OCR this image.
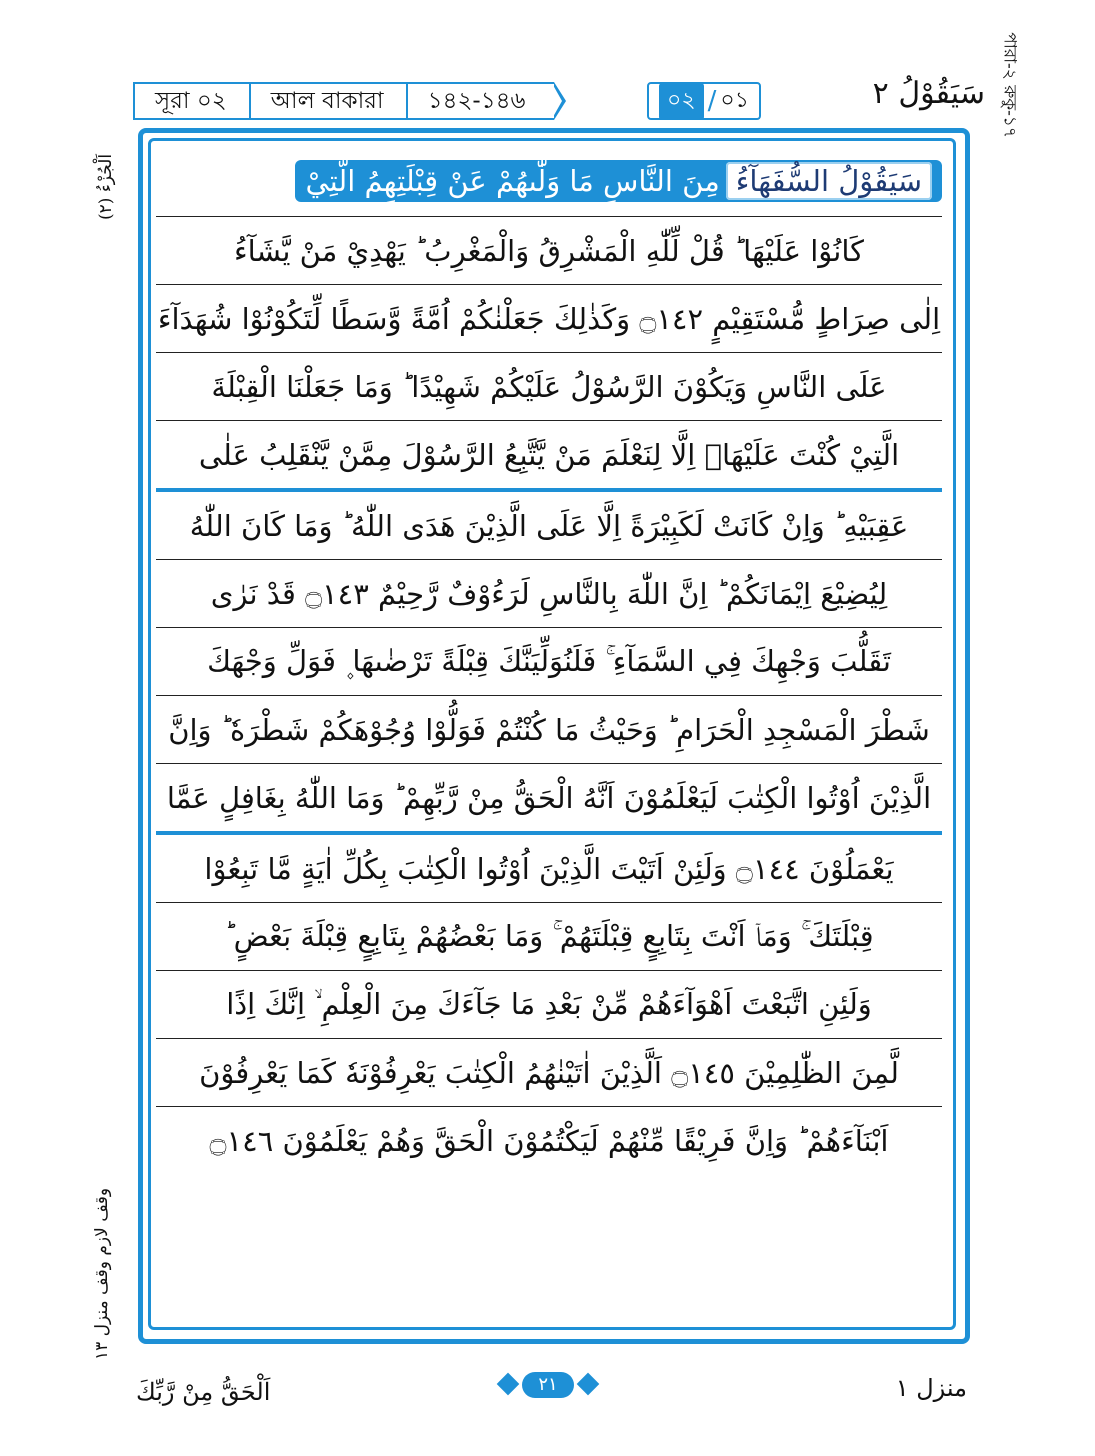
সূরা ০২ আল বাকারা ১৪২-১৪৬	০২ / ০১	سَيَقُوْلُ ٢
اَلْجُزْءُ (٢)
وقف لازم وقف منزل ١٣
পারা-২ রুকু-১৭
سَيَقُوْلُ السُّفَهَآءُمِنَ النَّاسِ مَا وَلّٰىهُمْ عَنْ قِبْلَتِهِمُ الَّتِيْ
كَانُوْا عَلَيْهَا ؕ قُلْ لِّلّٰهِ الْمَشْرِقُ وَالْمَغْرِبُ ؕ يَهْدِيْ مَنْ يَّشَآءُ
اِلٰى صِرَاطٍ مُّسْتَقِيْمٍ ۝١٤٢ وَكَذٰلِكَ جَعَلْنٰكُمْ اُمَّةً وَّسَطًا لِّتَكُوْنُوْا شُهَدَآءَ
عَلَى النَّاسِ وَيَكُوْنَ الرَّسُوْلُ عَلَيْكُمْ شَهِيْدًا ؕ وَمَا جَعَلْنَا الْقِبْلَةَ
الَّتِيْ كُنْتَ عَلَيْهَاۤ اِلَّا لِنَعْلَمَ مَنْ يَّتَّبِعُ الرَّسُوْلَ مِمَّنْ يَّنْقَلِبُ عَلٰى
عَقِبَيْهِ ؕ وَاِنْ كَانَتْ لَكَبِيْرَةً اِلَّا عَلَى الَّذِيْنَ هَدَى اللّٰهُ ؕ وَمَا كَانَ اللّٰهُ
لِيُضِيْعَ اِيْمَانَكُمْ ؕ اِنَّ اللّٰهَ بِالنَّاسِ لَرَءُوْفٌ رَّحِيْمٌ ۝١٤٣ قَدْ نَرٰى
تَقَلُّبَ وَجْهِكَ فِي السَّمَآءِ ۚ فَلَنُوَلِّيَنَّكَ قِبْلَةً تَرْضٰىهَا ۪ فَوَلِّ وَجْهَكَ
شَطْرَ الْمَسْجِدِ الْحَرَامِ ؕ وَحَيْثُ مَا كُنْتُمْ فَوَلُّوْا وُجُوْهَكُمْ شَطْرَهٗ ؕ وَاِنَّ
الَّذِيْنَ اُوْتُوا الْكِتٰبَ لَيَعْلَمُوْنَ اَنَّهُ الْحَقُّ مِنْ رَّبِّهِمْ ؕ وَمَا اللّٰهُ بِغَافِلٍ عَمَّا
يَعْمَلُوْنَ ۝١٤٤ وَلَئِنْ اَتَيْتَ الَّذِيْنَ اُوْتُوا الْكِتٰبَ بِكُلِّ اٰيَةٍ مَّا تَبِعُوْا
قِبْلَتَكَ ۚ وَمَاۤ اَنْتَ بِتَابِعٍ قِبْلَتَهُمْ ۚ وَمَا بَعْضُهُمْ بِتَابِعٍ قِبْلَةَ بَعْضٍ ؕ
وَلَئِنِ اتَّبَعْتَ اَهْوَآءَهُمْ مِّنْ بَعْدِ مَا جَآءَكَ مِنَ الْعِلْمِ ۙ اِنَّكَ اِذًا
لَّمِنَ الظّٰلِمِيْنَ ۝١٤٥ اَلَّذِيْنَ اٰتَيْنٰهُمُ الْكِتٰبَ يَعْرِفُوْنَهٗ كَمَا يَعْرِفُوْنَ
اَبْنَآءَهُمْ ؕ وَاِنَّ فَرِيْقًا مِّنْهُمْ لَيَكْتُمُوْنَ الْحَقَّ وَهُمْ يَعْلَمُوْنَ ۝١٤٦
اَلْحَقُّ مِنْ رَّبِّكَ	٢١	منزل ١
